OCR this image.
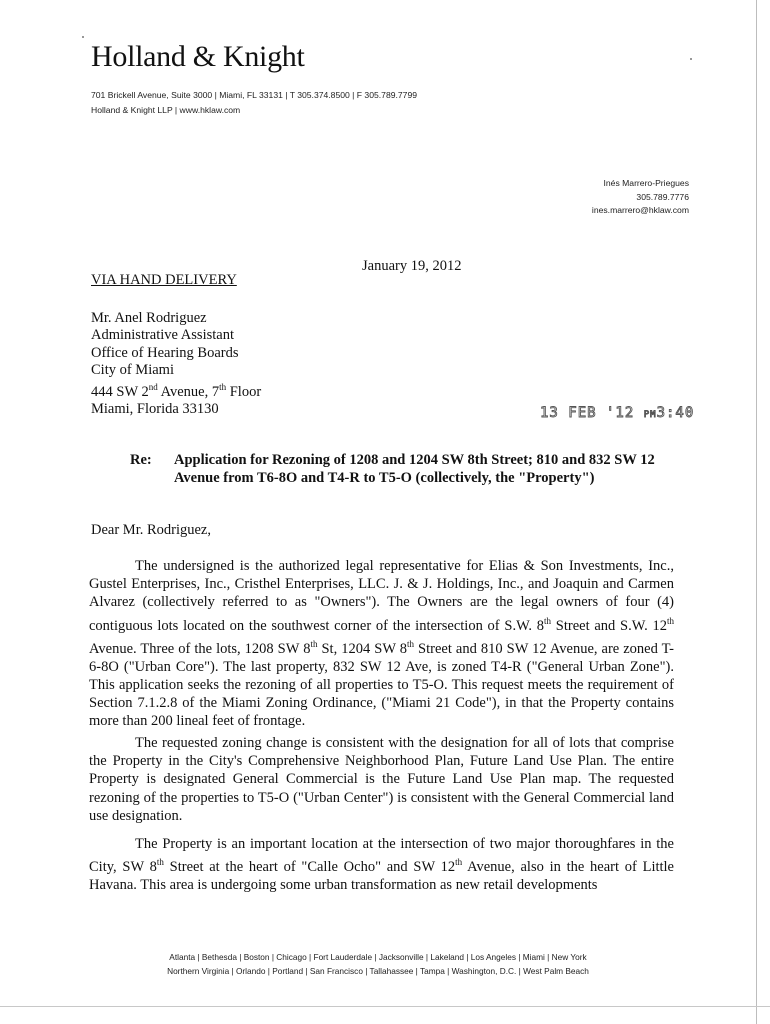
Holland & Knight
701 Brickell Avenue, Suite 3000 | Miami, FL 33131 | T 305.374.8500 | F 305.789.7799
Holland & Knight LLP | www.hklaw.com
Inés Marrero-Priegues
305.789.7776
ines.marrero@hklaw.com
January 19, 2012
VIA HAND DELIVERY
Mr. Anel Rodriguez
Administrative Assistant
Office of Hearing Boards
City of Miami
444 SW 2nd Avenue, 7th Floor
Miami, Florida 33130	13 FEB '12 PM3:40
Re: Application for Rezoning of 1208 and 1204 SW 8th Street; 810 and 832 SW 12 Avenue from T6-8O and T4-R to T5-O (collectively, the "Property")
Dear Mr. Rodriguez,
The undersigned is the authorized legal representative for Elias & Son Investments, Inc., Gustel Enterprises, Inc., Cristhel Enterprises, LLC. J. & J. Holdings, Inc., and Joaquin and Carmen Alvarez (collectively referred to as "Owners"). The Owners are the legal owners of four (4) contiguous lots located on the southwest corner of the intersection of S.W. 8th Street and S.W. 12th Avenue. Three of the lots, 1208 SW 8th St, 1204 SW 8th Street and 810 SW 12 Avenue, are zoned T-6-8O ("Urban Core"). The last property, 832 SW 12 Ave, is zoned T4-R ("General Urban Zone"). This application seeks the rezoning of all properties to T5-O. This request meets the requirement of Section 7.1.2.8 of the Miami Zoning Ordinance, ("Miami 21 Code"), in that the Property contains more than 200 lineal feet of frontage.
The requested zoning change is consistent with the designation for all of lots that comprise the Property in the City's Comprehensive Neighborhood Plan, Future Land Use Plan. The entire Property is designated General Commercial is the Future Land Use Plan map. The requested rezoning of the properties to T5-O ("Urban Center") is consistent with the General Commercial land use designation.
The Property is an important location at the intersection of two major thoroughfares in the City, SW 8th Street at the heart of "Calle Ocho" and SW 12th Avenue, also in the heart of Little Havana. This area is undergoing some urban transformation as new retail developments
Atlanta | Bethesda | Boston | Chicago | Fort Lauderdale | Jacksonville | Lakeland | Los Angeles | Miami | New York
Northern Virginia | Orlando | Portland | San Francisco | Tallahassee | Tampa | Washington, D.C. | West Palm Beach
